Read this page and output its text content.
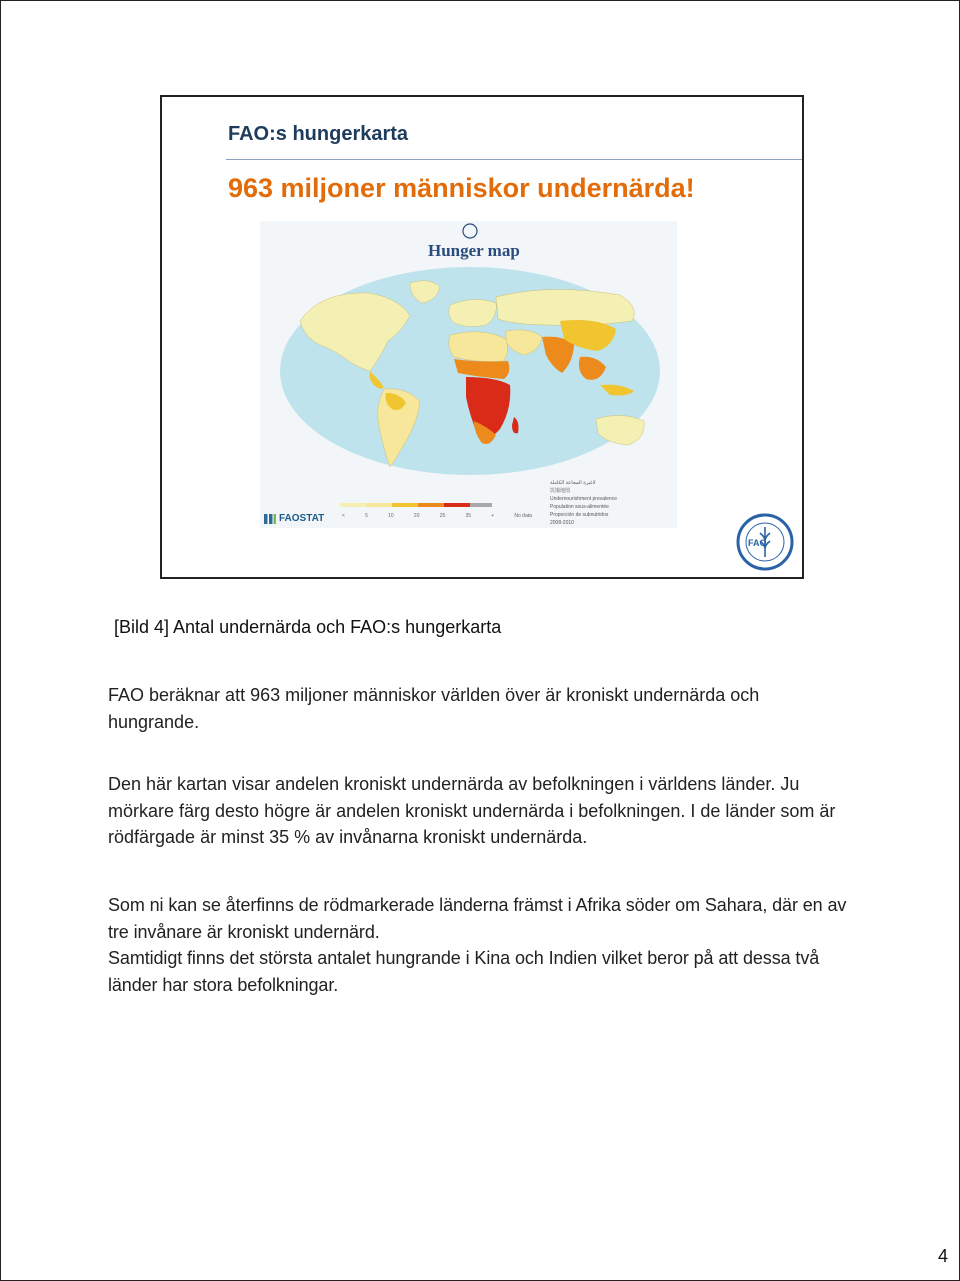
FAO:s hungerkarta
963 miljoner människor undernärda!
Hunger map
<	5	10	20	25	35	+	No data
لاغيرة المجاعة الكاملة
饥饿地图
Undernourishment prevalence
Population sous-alimentée
Proporción de subnutridos
2008-2010
FAOSTAT
FAO
[Bild 4] Antal undernärda och FAO:s hungerkarta
FAO beräknar att 963 miljoner människor världen över är kroniskt undernärda och hungrande.
Den här kartan visar andelen kroniskt undernärda av befolkningen i världens länder. Ju mörkare färg desto högre är andelen kroniskt undernärda i befolkningen. I de länder som är rödfärgade är minst 35 % av invånarna kroniskt undernärda.
Som ni kan se återfinns de rödmarkerade länderna främst i Afrika söder om Sahara, där en av tre invånare är kroniskt undernärd.
Samtidigt finns det största antalet hungrande i Kina och Indien vilket beror på att dessa två länder har stora befolkningar.
4
